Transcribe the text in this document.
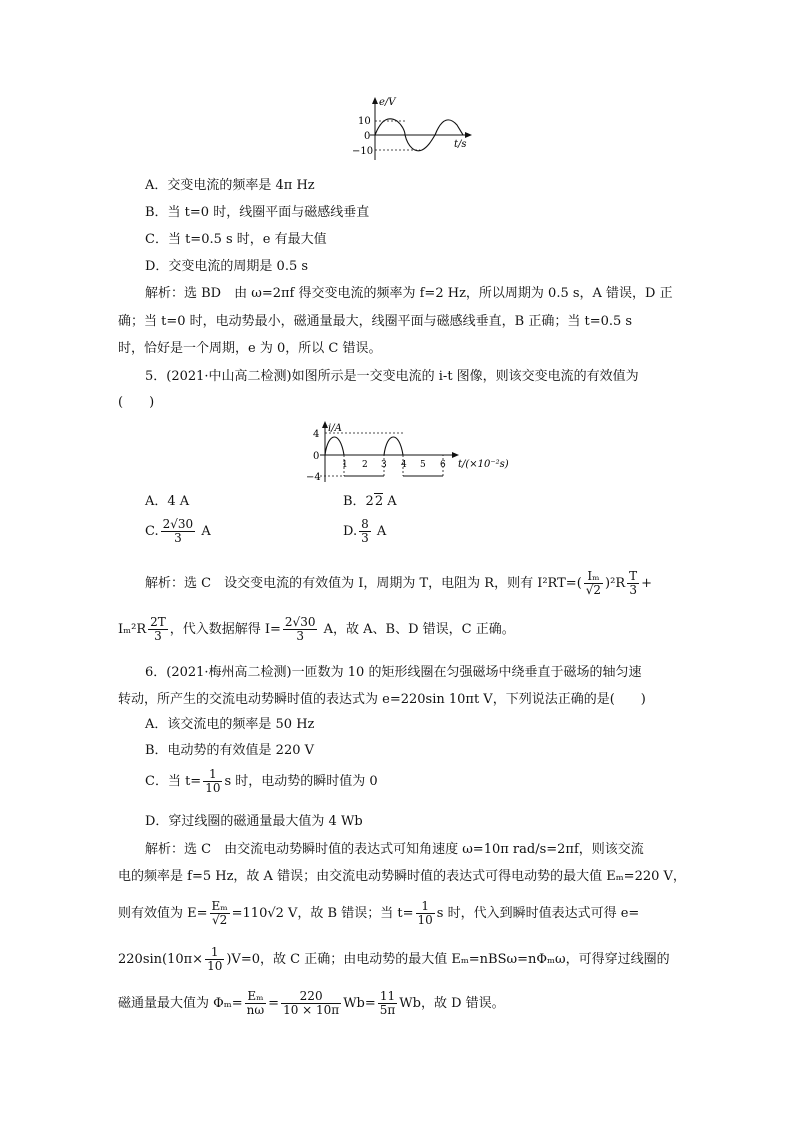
e/V
t/s
10
0
−10
A．交变电流的频率是 4π Hz
B．当 t=0 时，线圈平面与磁感线垂直
C．当 t=0.5 s 时，e 有最大值
D．交变电流的周期是 0.5 s
解析：选 BD　由 ω=2πf 得交变电流的频率为 f=2 Hz，所以周期为 0.5 s，A 错误，D 正
确；当 t=0 时，电动势最小，磁通量最大，线圈平面与磁感线垂直，B 正确；当 t=0.5 s
时，恰好是一个周期，e 为 0，所以 C 错误。
5．(2021·中山高二检测)如图所示是一交变电流的 i-t 图像，则该交变电流的有效值为
(　　)
i/A
t/(×10⁻²s)
4
0
−4
1 2 3 4 5 6
A．4 A	B．22 A
C. $\frac{2√30}{3}$ A	D. $\frac{8}{3}$ A
解析：选 C　设交变电流的有效值为 I，周期为 T，电阻为 R，则有 $I^2RT=( \frac{\text{Iₘ}}{√2} )^2R \frac{T}{3}$ +
$I_m^2R \frac{2T}{3}$ ，代入数据解得 $I= \frac{2√30}{3}$ A，故 A、B、D 错误，C 正确。
6．(2021·梅州高二检测)一匝数为 10 的矩形线圈在匀强磁场中绕垂直于磁场的轴匀速
转动，所产生的交流电动势瞬时值的表达式为 e=220sin 10πt V，下列说法正确的是(　　)
A．该交流电的频率是 50 Hz
B．电动势的有效值是 220 V
C．当 $t= \frac{1}{10}$ s 时，电动势的瞬时值为 0
D．穿过线圈的磁通量最大值为 4 Wb
解析：选 C　由交流电动势瞬时值的表达式可知角速度 ω=10π rad/s=2πf，则该交流
电的频率是 f=5 Hz，故 A 错误；由交流电动势瞬时值的表达式可得电动势的最大值 Eₘ=220 V，
则有效值为 $E= \frac{\text{Eₘ}}{√2} =110√2$ V，故 B 错误；当 $t= \frac{1}{10}$ s 时，代入到瞬时值表达式可得 e=
$220\sin(10\pi\times \frac{1}{10} )V=0$，故 C 正确；由电动势的最大值 Eₘ=nBSω=nΦₘω，可得穿过线圈的
磁通量最大值为 $\Phi_m= \frac{\text{Eₘ}}{n\omega} = \frac{220}{10 \times 10\pi} Wb= \frac{11}{5\pi}$ Wb，故 D 错误。
